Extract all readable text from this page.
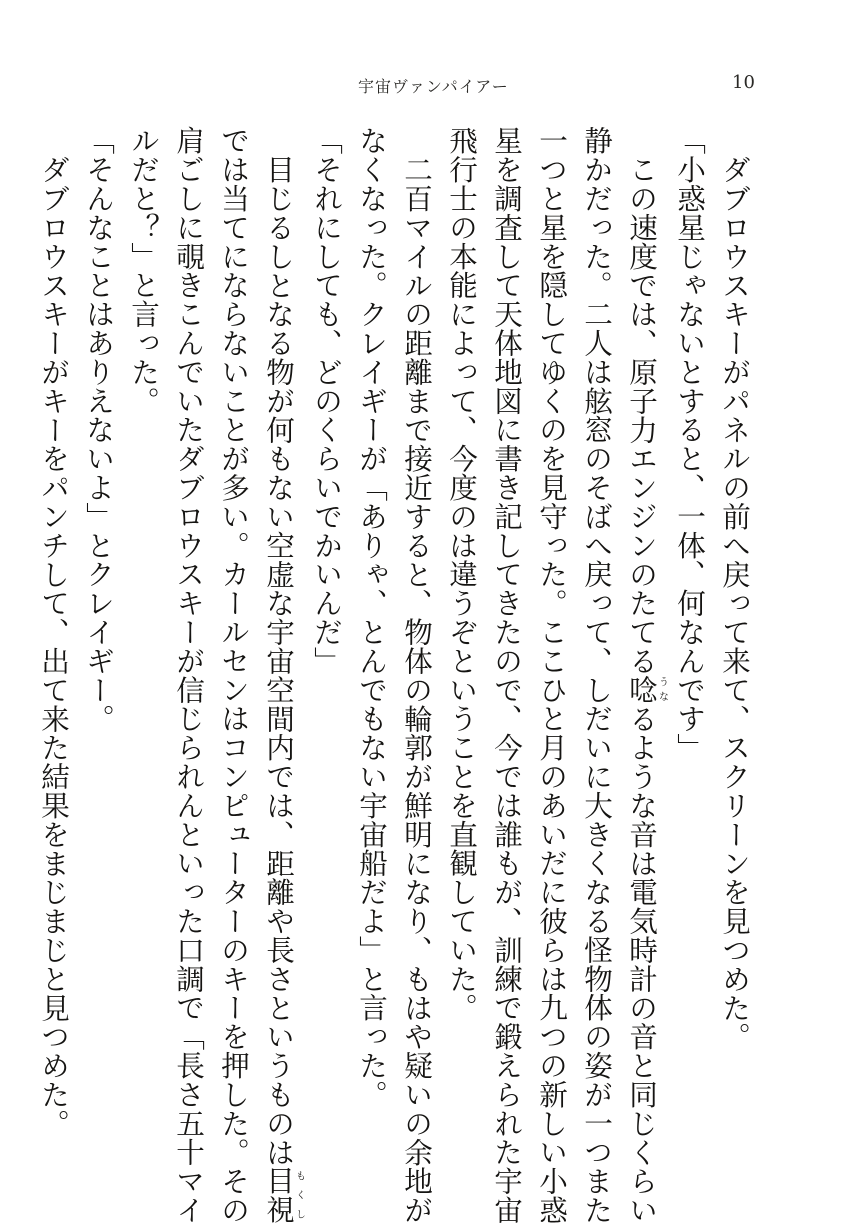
宇宙ヴァンパイアー	10
ダブロウスキーがパネルの前へ戻って来て、スクリーンを見つめた。
「小惑星じゃないとすると、一体、何なんです」
この速度では、原子力エンジンのたてる唸うなるような音は電気時計の音と同じくらい
静かだった。二人は舷窓のそばへ戻って、しだいに大きくなる怪物体の姿が一つまた
一つと星を隠してゆくのを見守った。ここひと月のあいだに彼らは九つの新しい小惑
星を調査して天体地図に書き記してきたので、今では誰もが、訓練で鍛えられた宇宙
飛行士の本能によって、今度のは違うぞということを直観していた。
二百マイルの距離まで接近すると、物体の輪郭が鮮明になり、もはや疑いの余地が
なくなった。クレイギーが「ありゃ、とんでもない宇宙船だよ」と言った。
「それにしても、どのくらいでかいんだ」
目じるしとなる物が何もない空虚な宇宙空間内では、距離や長さというものは目視もくし
では当てにならないことが多い。カールセンはコンピューターのキーを押した。その
肩ごしに覗きこんでいたダブロウスキーが信じられんといった口調で「長さ五十マイ
ルだと？」と言った。
「そんなことはありえないよ」とクレイギー。
ダブロウスキーがキーをパンチして、出て来た結果をまじまじと見つめた。
